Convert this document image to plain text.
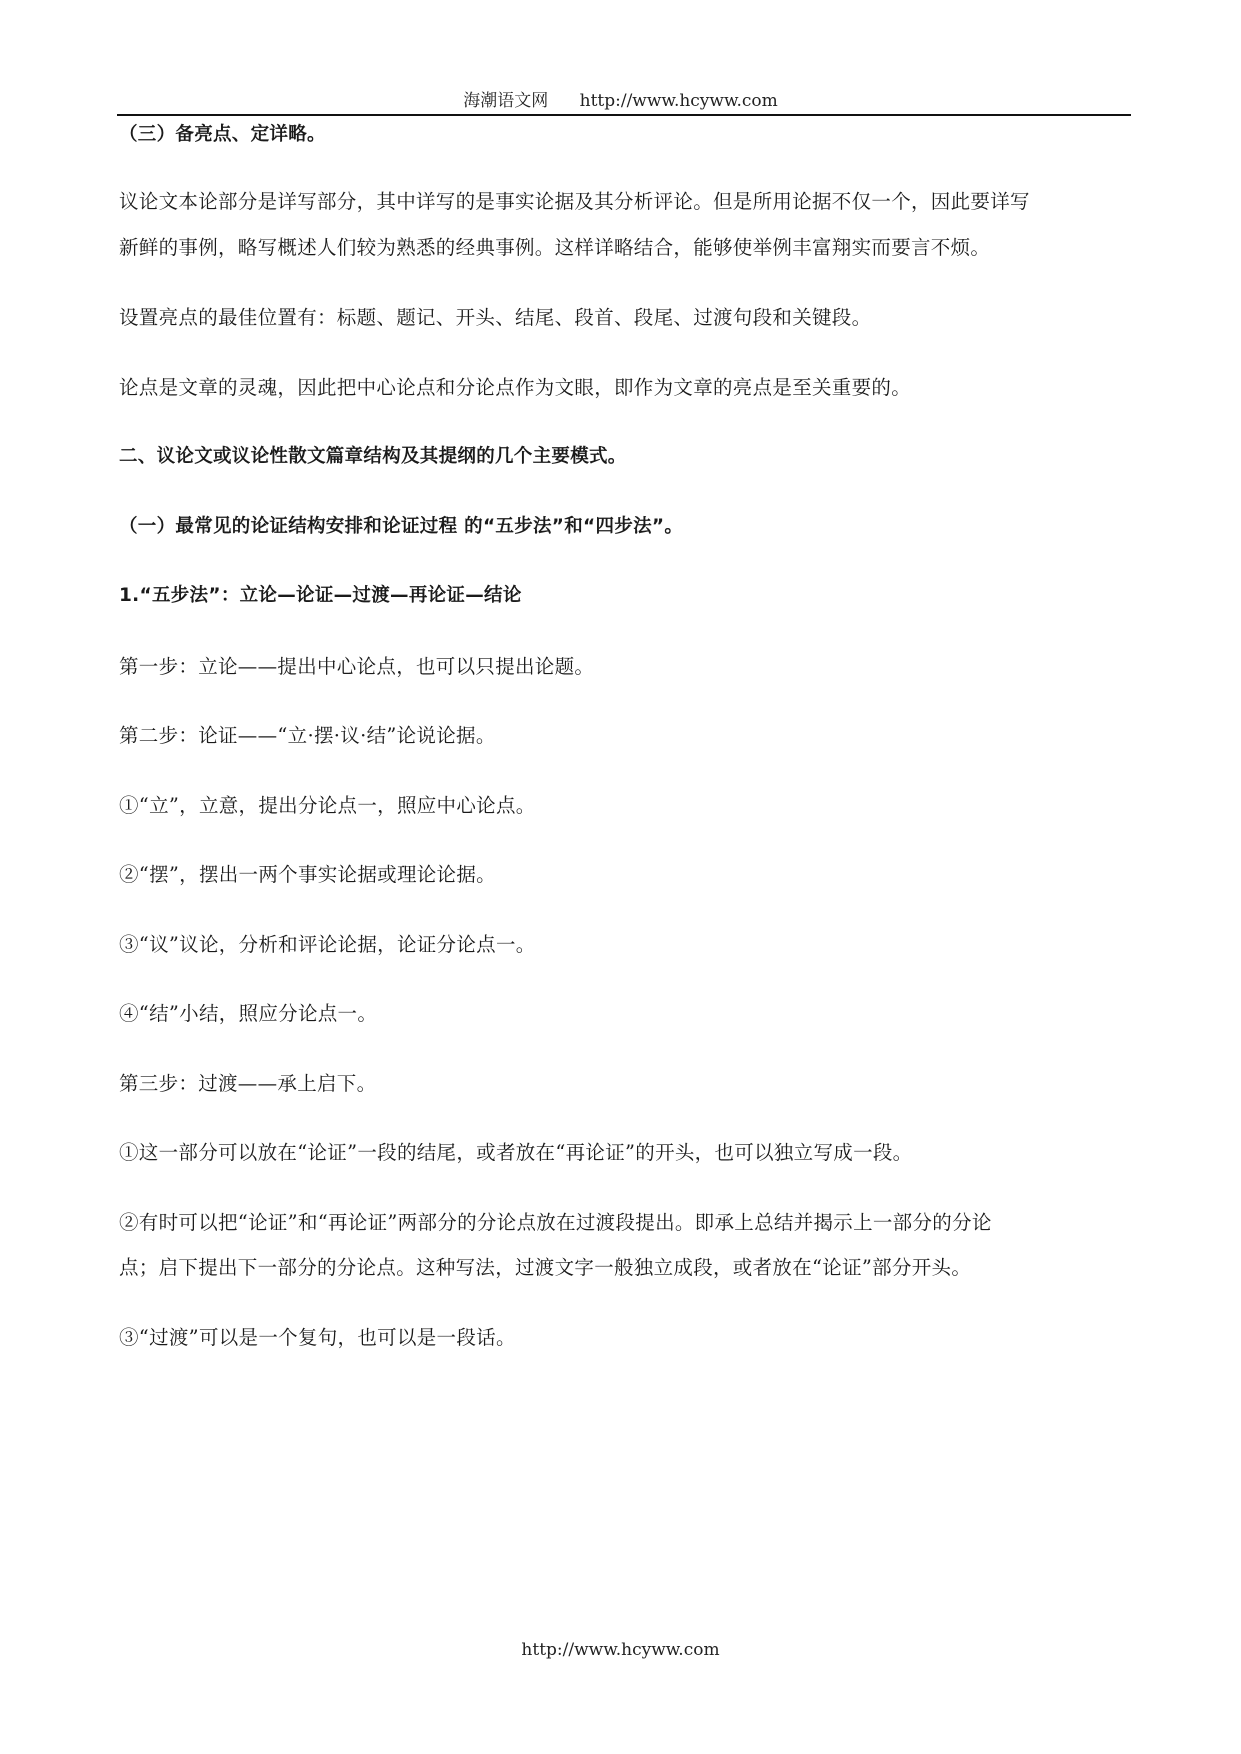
海潮语文网 http://www.hcyww.com
（三）备亮点、定详略。
议论文本论部分是详写部分，其中详写的是事实论据及其分析评论。但是所用论据不仅一个，因此要详写
新鲜的事例，略写概述人们较为熟悉的经典事例。这样详略结合，能够使举例丰富翔实而要言不烦。
设置亮点的最佳位置有：标题、题记、开头、结尾、段首、段尾、过渡句段和关键段。
论点是文章的灵魂，因此把中心论点和分论点作为文眼，即作为文章的亮点是至关重要的。
二、议论文或议论性散文篇章结构及其提纲的几个主要模式。
（一）最常见的论证结构安排和论证过程 的“五步法”和“四步法”。
1.“五步法”：立论—论证—过渡—再论证—结论
第一步：立论——提出中心论点，也可以只提出论题。
第二步：论证——“立·摆·议·结”论说论据。
①“立”，立意，提出分论点一，照应中心论点。
②“摆”，摆出一两个事实论据或理论论据。
③“议”议论，分析和评论论据，论证分论点一。
④“结”小结，照应分论点一。
第三步：过渡——承上启下。
①这一部分可以放在“论证”一段的结尾，或者放在“再论证”的开头，也可以独立写成一段。
②有时可以把“论证”和“再论证”两部分的分论点放在过渡段提出。即承上总结并揭示上一部分的分论
点；启下提出下一部分的分论点。这种写法，过渡文字一般独立成段，或者放在“论证”部分开头。
③“过渡”可以是一个复句，也可以是一段话。
http://www.hcyww.com
